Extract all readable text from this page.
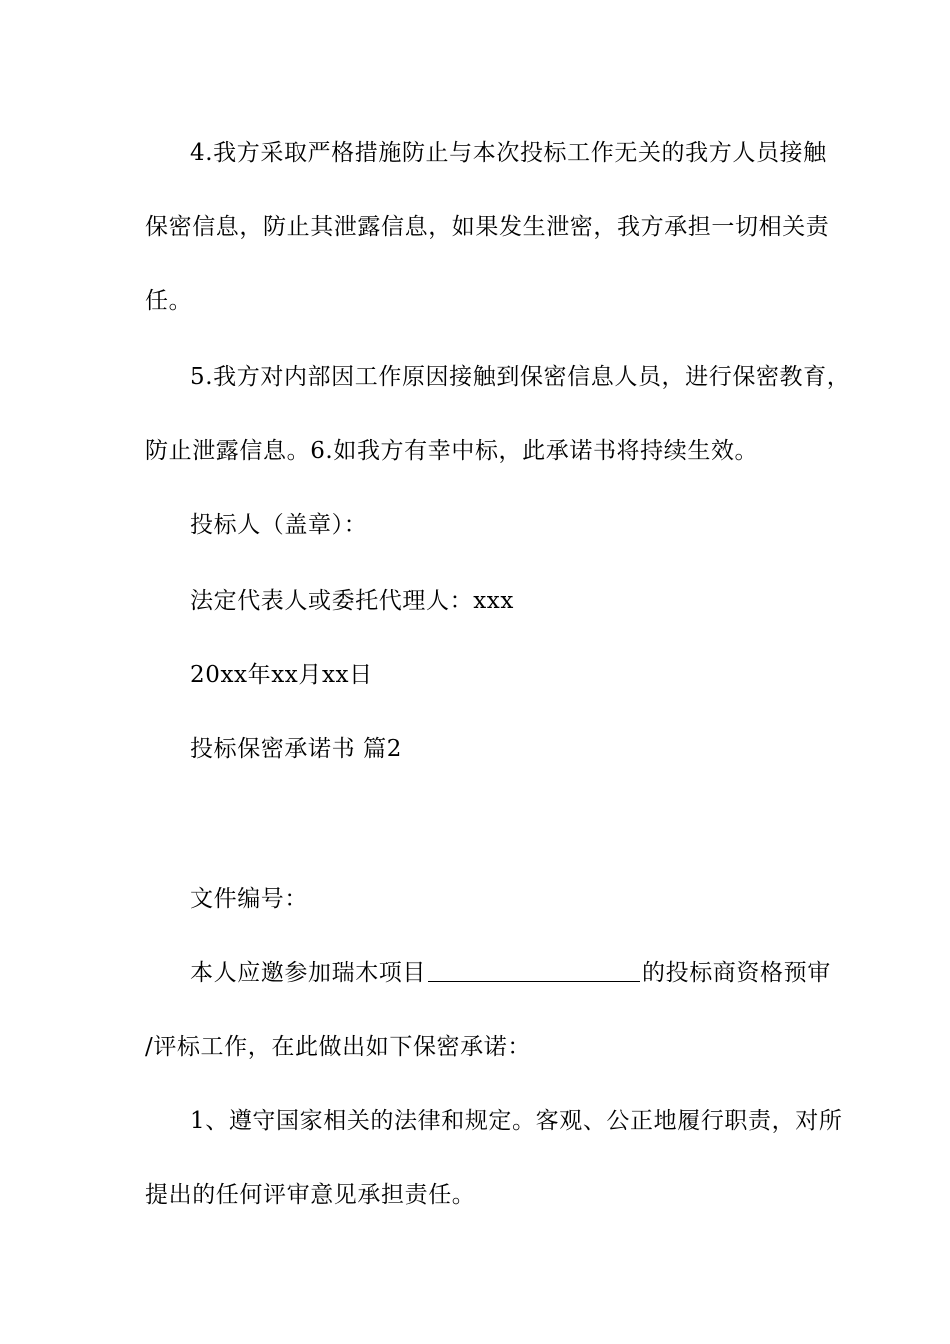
4.我方采取严格措施防止与本次投标工作无关的我方人员接触
保密信息，防止其泄露信息，如果发生泄密，我方承担一切相关责
任。
5.我方对内部因工作原因接触到保密信息人员，进行保密教育，
防止泄露信息。6.如我方有幸中标，此承诺书将持续生效。
投标人（盖章）：
法定代表人或委托代理人：xxx
20xx年xx月xx日
投标保密承诺书 篇2
文件编号：
本人应邀参加瑞木项目	的投标商资格预审
/评标工作，在此做出如下保密承诺：
1、遵守国家相关的法律和规定。客观、公正地履行职责，对所
提出的任何评审意见承担责任。
